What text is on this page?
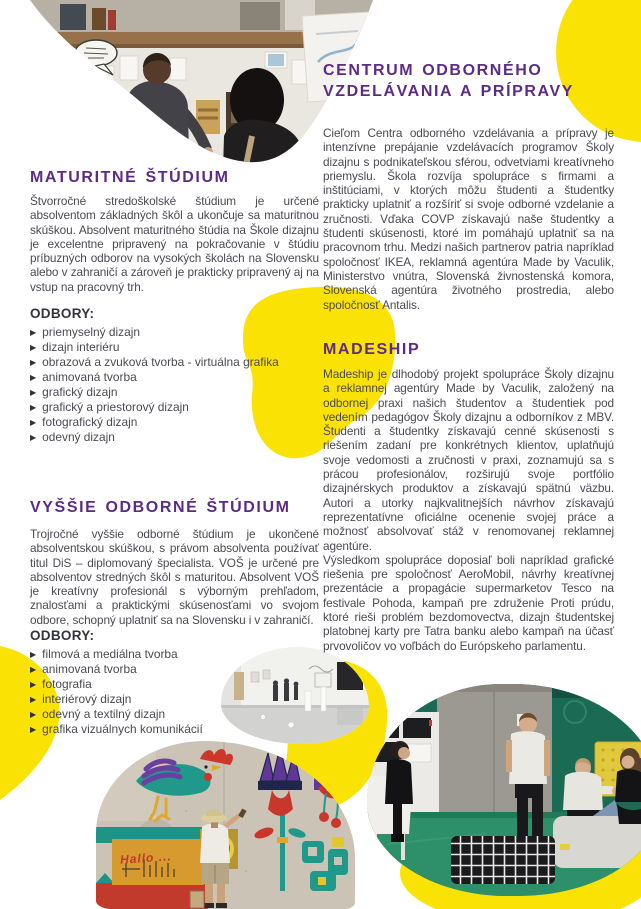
Hallo ...
MATURITNÉ ŠTÚDIUM

Štvorročné stredoškolské štúdium je určené absolventom základných škôl a ukončuje sa maturitnou skúškou. Absolvent maturitného štúdia na Škole dizajnu je excelentne pripravený na pokračovanie v štúdiu príbuzných odborov na vysokých školách na Slovensku alebo v zahraničí a zároveň je prakticky pripravený aj na vstup na pracovný trh.

ODBORY:
▶ priemyselný dizajn
▶ dizajn interiéru
▶ obrazová a zvuková tvorba - virtuálna grafika
▶ animovaná tvorba
▶ grafický dizajn
▶ grafický a priestorový dizajn
▶ fotografický dizajn
▶ odevný dizajn
VYŠŠIE ODBORNÉ ŠTÚDIUM

Trojročné vyššie odborné štúdium je ukončené absolventskou skúškou, s právom absolventa používať titul DiS – diplomovaný špecialista. VOŠ je určené pre absolventov stredných škôl s maturitou. Absolvent VOŠ je kreatívny profesionál s výborným prehľadom, znalosťami a praktickými skúsenosťami vo svojom odbore, schopný uplatniť sa na Slovensku i v zahraničí.

ODBORY:
▶ filmová a mediálna tvorba
▶ animovaná tvorba
▶ fotografia
▶ interiérový dizajn
▶ odevný a textilný dizajn
▶ grafika vizuálnych komunikácií
CENTRUM ODBORNÉHO
VZDELÁVANIA A PRÍPRAVY

Cieľom Centra odborného vzdelávania a prípravy je intenzívne prepájanie vzdelávacích programov Školy dizajnu s podnikateľskou sférou, odvetviami kreatívneho priemyslu. Škola rozvíja spolupráce s firmami a inštitúciami, v ktorých môžu študenti a študentky prakticky uplatniť a rozšíriť si svoje odborné vzdelanie a zručnosti. Vďaka COVP získavajú naše študentky a študenti skúsenosti, ktoré im pomáhajú uplatniť sa na pracovnom trhu. Medzi našich partnerov patria napríklad spoločnosť IKEA, reklamná agentúra Made by Vaculik, Ministerstvo vnútra, Slovenská živnostenská komora, Slovenská agentúra životného prostredia, alebo spoločnosť Antalis.

MADESHIP

Madeship je dlhodobý projekt spolupráce Školy dizajnu a reklamnej agentúry Made by Vaculik, založený na odbornej praxi našich študentov a študentiek pod vedením pedagógov Školy dizajnu a odborníkov z MBV. Študenti a študentky získavajú cenné skúsenosti s riešením zadaní pre konkrétnych klientov, uplatňujú svoje vedomosti a zručnosti v praxi, zoznamujú sa s prácou profesionálov, rozširujú svoje portfólio dizajnérskych produktov a získavajú spätnú väzbu. Autori a utorky najkvalitnejších návrhov získavajú reprezentatívne oficiálne ocenenie svojej práce a možnosť absolvovať stáž v renomovanej reklamnej agentúre.

Výsledkom spolupráce doposiaľ boli napríklad grafické riešenia pre spoločnosť AeroMobil, návrhy kreatívnej prezentácie a propagácie supermarketov Tesco na festivale Pohoda, kampaň pre združenie Proti prúdu, ktoré rieši problém bezdomovectva, dizajn študentskej platobnej karty pre Tatra banku alebo kampaň na účasť prvovoličov vo voľbách do Európskeho parlamentu.
